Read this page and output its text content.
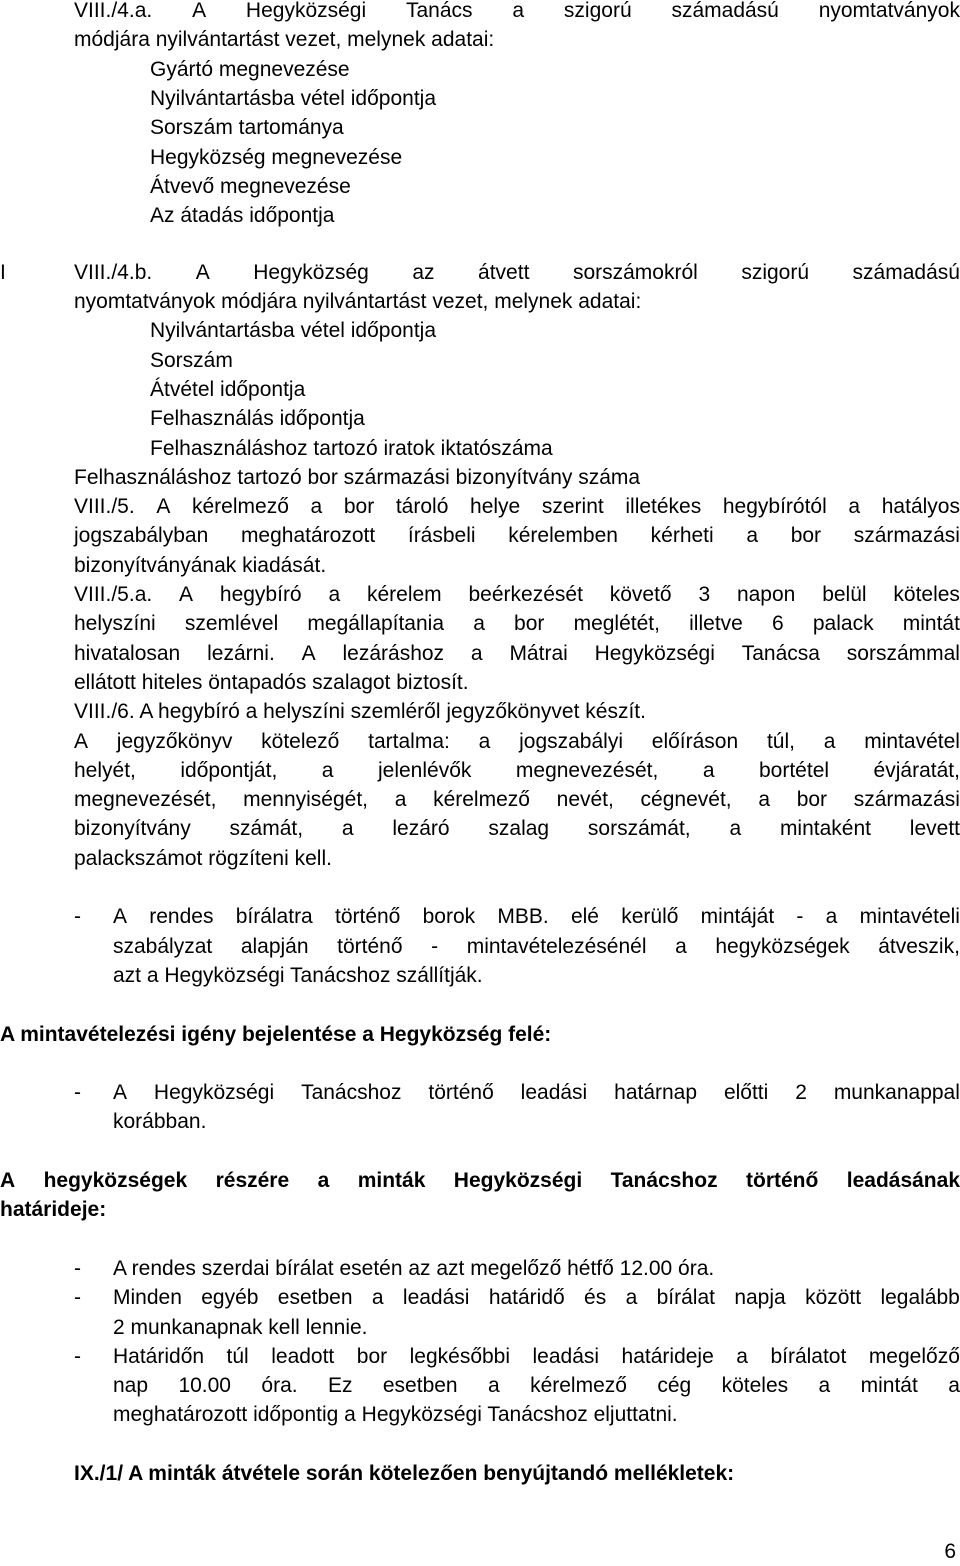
6
VIII./4.a. A Hegyközségi Tanács a szigorú számadású nyomtatványok
módjára nyilvántartást vezet, melynek adatai:
Gyártó megnevezése
Nyilvántartásba vétel időpontja
Sorszám tartománya
Hegyközség megnevezése
Átvevő megnevezése
Az átadás időpontja
I	VIII./4.b. A Hegyközség az átvett sorszámokról szigorú számadású
nyomtatványok módjára nyilvántartást vezet, melynek adatai:
Nyilvántartásba vétel időpontja
Sorszám
Átvétel időpontja
Felhasználás időpontja
Felhasználáshoz tartozó iratok iktatószáma
Felhasználáshoz tartozó bor származási bizonyítvány száma
VIII./5. A kérelmező a bor tároló helye szerint illetékes hegybírótól a hatályos
jogszabályban meghatározott írásbeli kérelemben kérheti a bor származási
bizonyítványának kiadását.
VIII./5.a. A hegybíró a kérelem beérkezését követő 3 napon belül köteles
helyszíni szemlével megállapítania a bor meglétét, illetve 6 palack mintát
hivatalosan lezárni. A lezáráshoz a Mátrai Hegyközségi Tanácsa sorszámmal
ellátott hiteles öntapadós szalagot biztosít.
VIII./6. A hegybíró a helyszíni szemléről jegyzőkönyvet készít.
A jegyzőkönyv kötelező tartalma: a jogszabályi előíráson túl, a mintavétel
helyét, időpontját, a jelenlévők megnevezését, a bortétel évjáratát,
megnevezését, mennyiségét, a kérelmező nevét, cégnevét, a bor származási
bizonyítvány számát, a lezáró szalag sorszámát, a mintaként levett
palackszámot rögzíteni kell.
- A rendes bírálatra történő borok MBB. elé kerülő mintáját - a mintavételi
szabályzat alapján történő - mintavételezésénél a hegyközségek átveszik,
azt a Hegyközségi Tanácshoz szállítják.
A mintavételezési igény bejelentése a Hegyközség felé:
- A Hegyközségi Tanácshoz történő leadási határnap előtti 2 munkanappal
korábban.
A hegyközségek részére a minták Hegyközségi Tanácshoz történő leadásának
határideje:
- A rendes szerdai bírálat esetén az azt megelőző hétfő 12.00 óra.
- Minden egyéb esetben a leadási határidő és a bírálat napja között legalább
2 munkanapnak kell lennie.
- Határidőn túl leadott bor legkésőbbi leadási határideje a bírálatot megelőző
nap 10.00 óra. Ez esetben a kérelmező cég köteles a mintát a
meghatározott időpontig a Hegyközségi Tanácshoz eljuttatni.
IX./1/ A minták átvétele során kötelezően benyújtandó mellékletek:
